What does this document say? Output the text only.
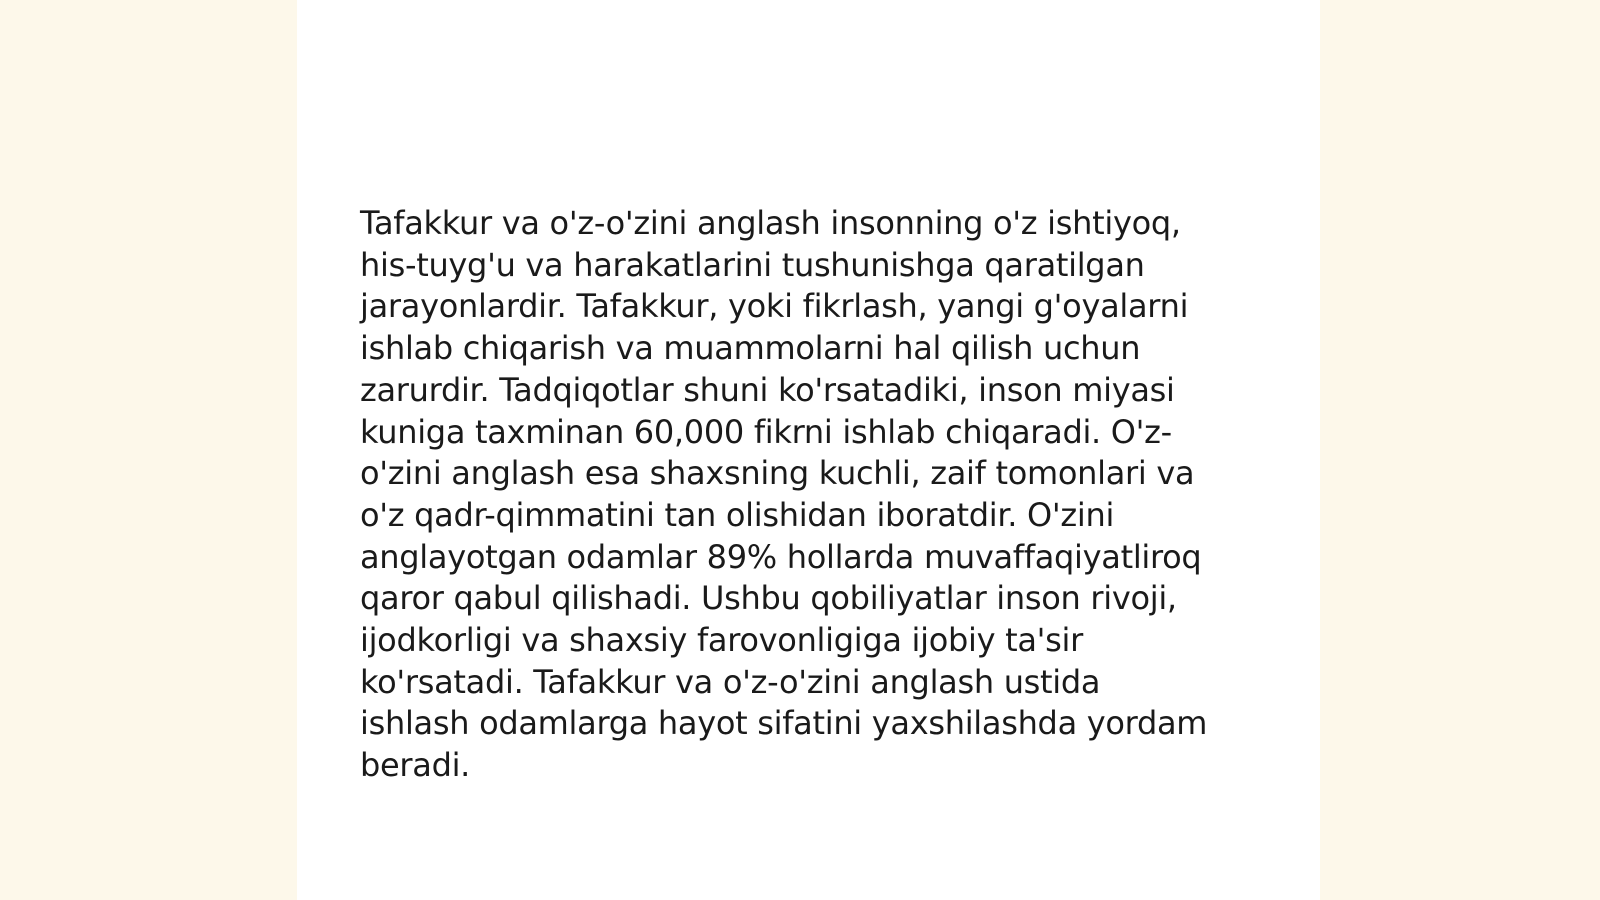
Tafakkur va o'z-o'zini anglash insonning o'z ishtiyoq,
his-tuyg'u va harakatlarini tushunishga qaratilgan
jarayonlardir. Tafakkur, yoki fikrlash, yangi g'oyalarni
ishlab chiqarish va muammolarni hal qilish uchun
zarurdir. Tadqiqotlar shuni ko'rsatadiki, inson miyasi
kuniga taxminan 60,000 fikrni ishlab chiqaradi. O'z-
o'zini anglash esa shaxsning kuchli, zaif tomonlari va
o'z qadr-qimmatini tan olishidan iboratdir. O'zini
anglayotgan odamlar 89% hollarda muvaffaqiyatliroq
qaror qabul qilishadi. Ushbu qobiliyatlar inson rivoji,
ijodkorligi va shaxsiy farovonligiga ijobiy ta'sir
ko'rsatadi. Tafakkur va o'z-o'zini anglash ustida
ishlash odamlarga hayot sifatini yaxshilashda yordam
beradi.
